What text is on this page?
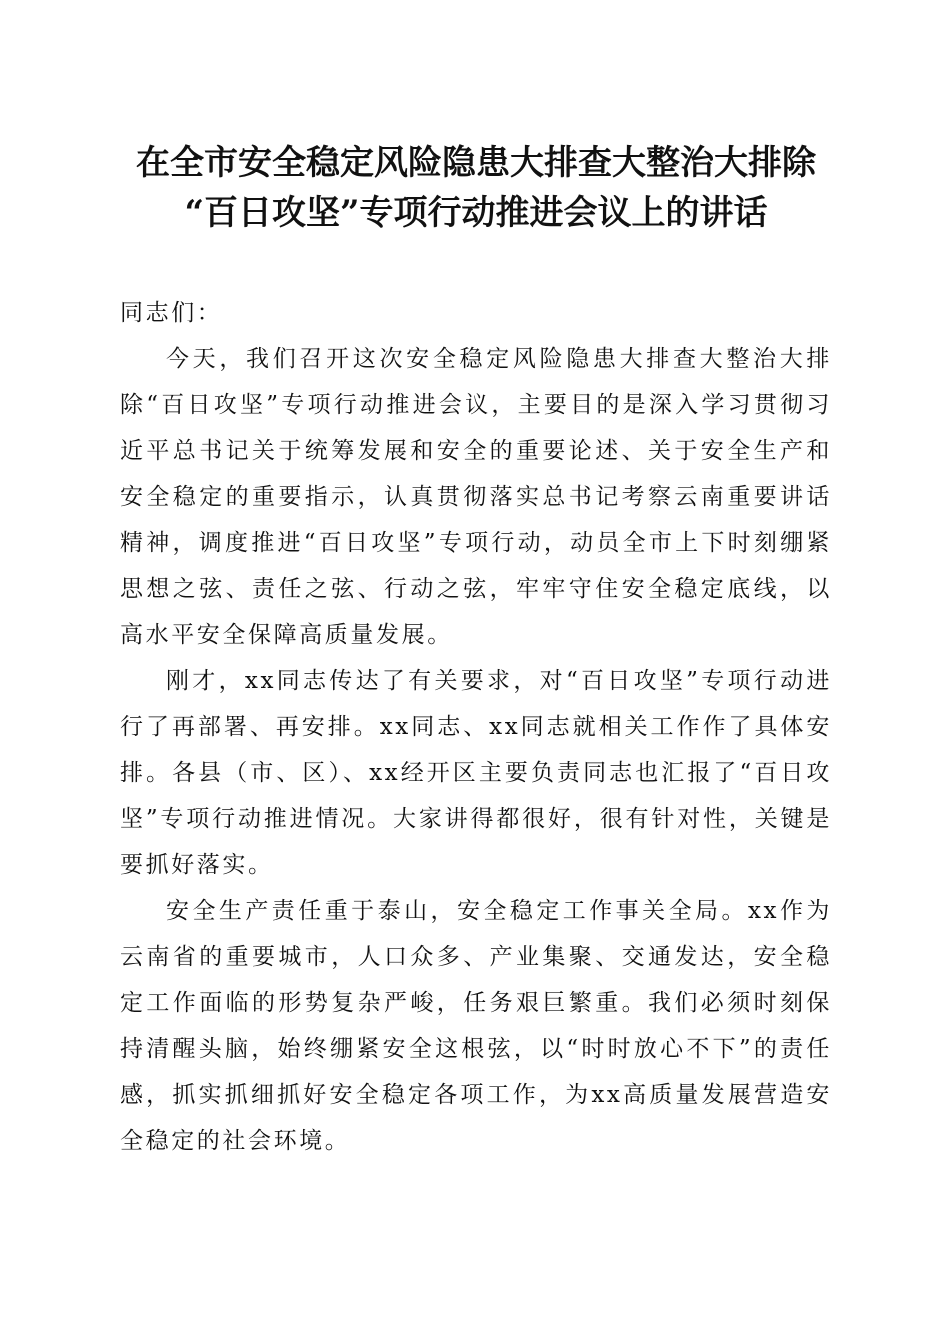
在全市安全稳定风险隐患大排查大整治大排除
“百日攻坚”专项行动推进会议上的讲话

同志们：

今天，我们召开这次安全稳定风险隐患大排查大整治大排除“百日攻坚”专项行动推进会议，主要目的是深入学习贯彻习近平总书记关于统筹发展和安全的重要论述、关于安全生产和安全稳定的重要指示，认真贯彻落实总书记考察云南重要讲话精神，调度推进“百日攻坚”专项行动，动员全市上下时刻绷紧思想之弦、责任之弦、行动之弦，牢牢守住安全稳定底线，以高水平安全保障高质量发展。

刚才，xx同志传达了有关要求，对“百日攻坚”专项行动进行了再部署、再安排。xx同志、xx同志就相关工作作了具体安排。各县（市、区）、xx经开区主要负责同志也汇报了“百日攻坚”专项行动推进情况。大家讲得都很好，很有针对性，关键是要抓好落实。

安全生产责任重于泰山，安全稳定工作事关全局。xx作为云南省的重要城市，人口众多、产业集聚、交通发达，安全稳定工作面临的形势复杂严峻，任务艰巨繁重。我们必须时刻保持清醒头脑，始终绷紧安全这根弦，以“时时放心不下”的责任感，抓实抓细抓好安全稳定各项工作，为xx高质量发展营造安全稳定的社会环境。
